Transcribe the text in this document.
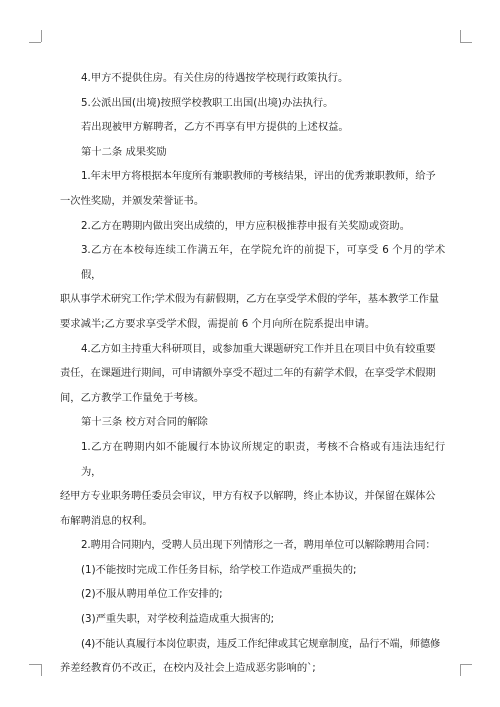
4.甲方不提供住房。有关住房的待遇按学校现行政策执行。

5.公派出国(出境)按照学校教职工出国(出境)办法执行。

若出现被甲方解聘者，乙方不再享有甲方提供的上述权益。

第十二条 成果奖励

1.年末甲方将根据本年度所有兼职教师的考核结果，评出的优秀兼职教师，给予
一次性奖励，并颁发荣誉证书。

2.乙方在聘期内做出突出成绩的，甲方应积极推荐申报有关奖励或资助。

3.乙方在本校每连续工作满五年，在学院允许的前提下，可享受 6 个月的学术假，
职从事学术研究工作;学术假为有薪假期，乙方在享受学术假的学年，基本教学工作量
要求减半;乙方要求享受学术假，需提前 6 个月向所在院系提出申请。

4.乙方如主持重大科研项目，或参加重大课题研究工作并且在项目中负有较重要
责任，在课题进行期间，可申请额外享受不超过二年的有薪学术假，在享受学术假期
间，乙方教学工作量免于考核。

第十三条 校方对合同的解除

1.乙方在聘期内如不能履行本协议所规定的职责，考核不合格或有违法违纪行为，
经甲方专业职务聘任委员会审议，甲方有权予以解聘，终止本协议，并保留在媒体公
布解聘消息的权利。

2.聘用合同期内，受聘人员出现下列情形之一者，聘用单位可以解除聘用合同：

(1)不能按时完成工作任务目标，给学校工作造成严重损失的;

(2)不服从聘用单位工作安排的;

(3)严重失职，对学校利益造成重大损害的;

(4)不能认真履行本岗位职责，违反工作纪律或其它规章制度，品行不端，师德修
养差经教育仍不改正，在校内及社会上造成恶劣影响的`;
